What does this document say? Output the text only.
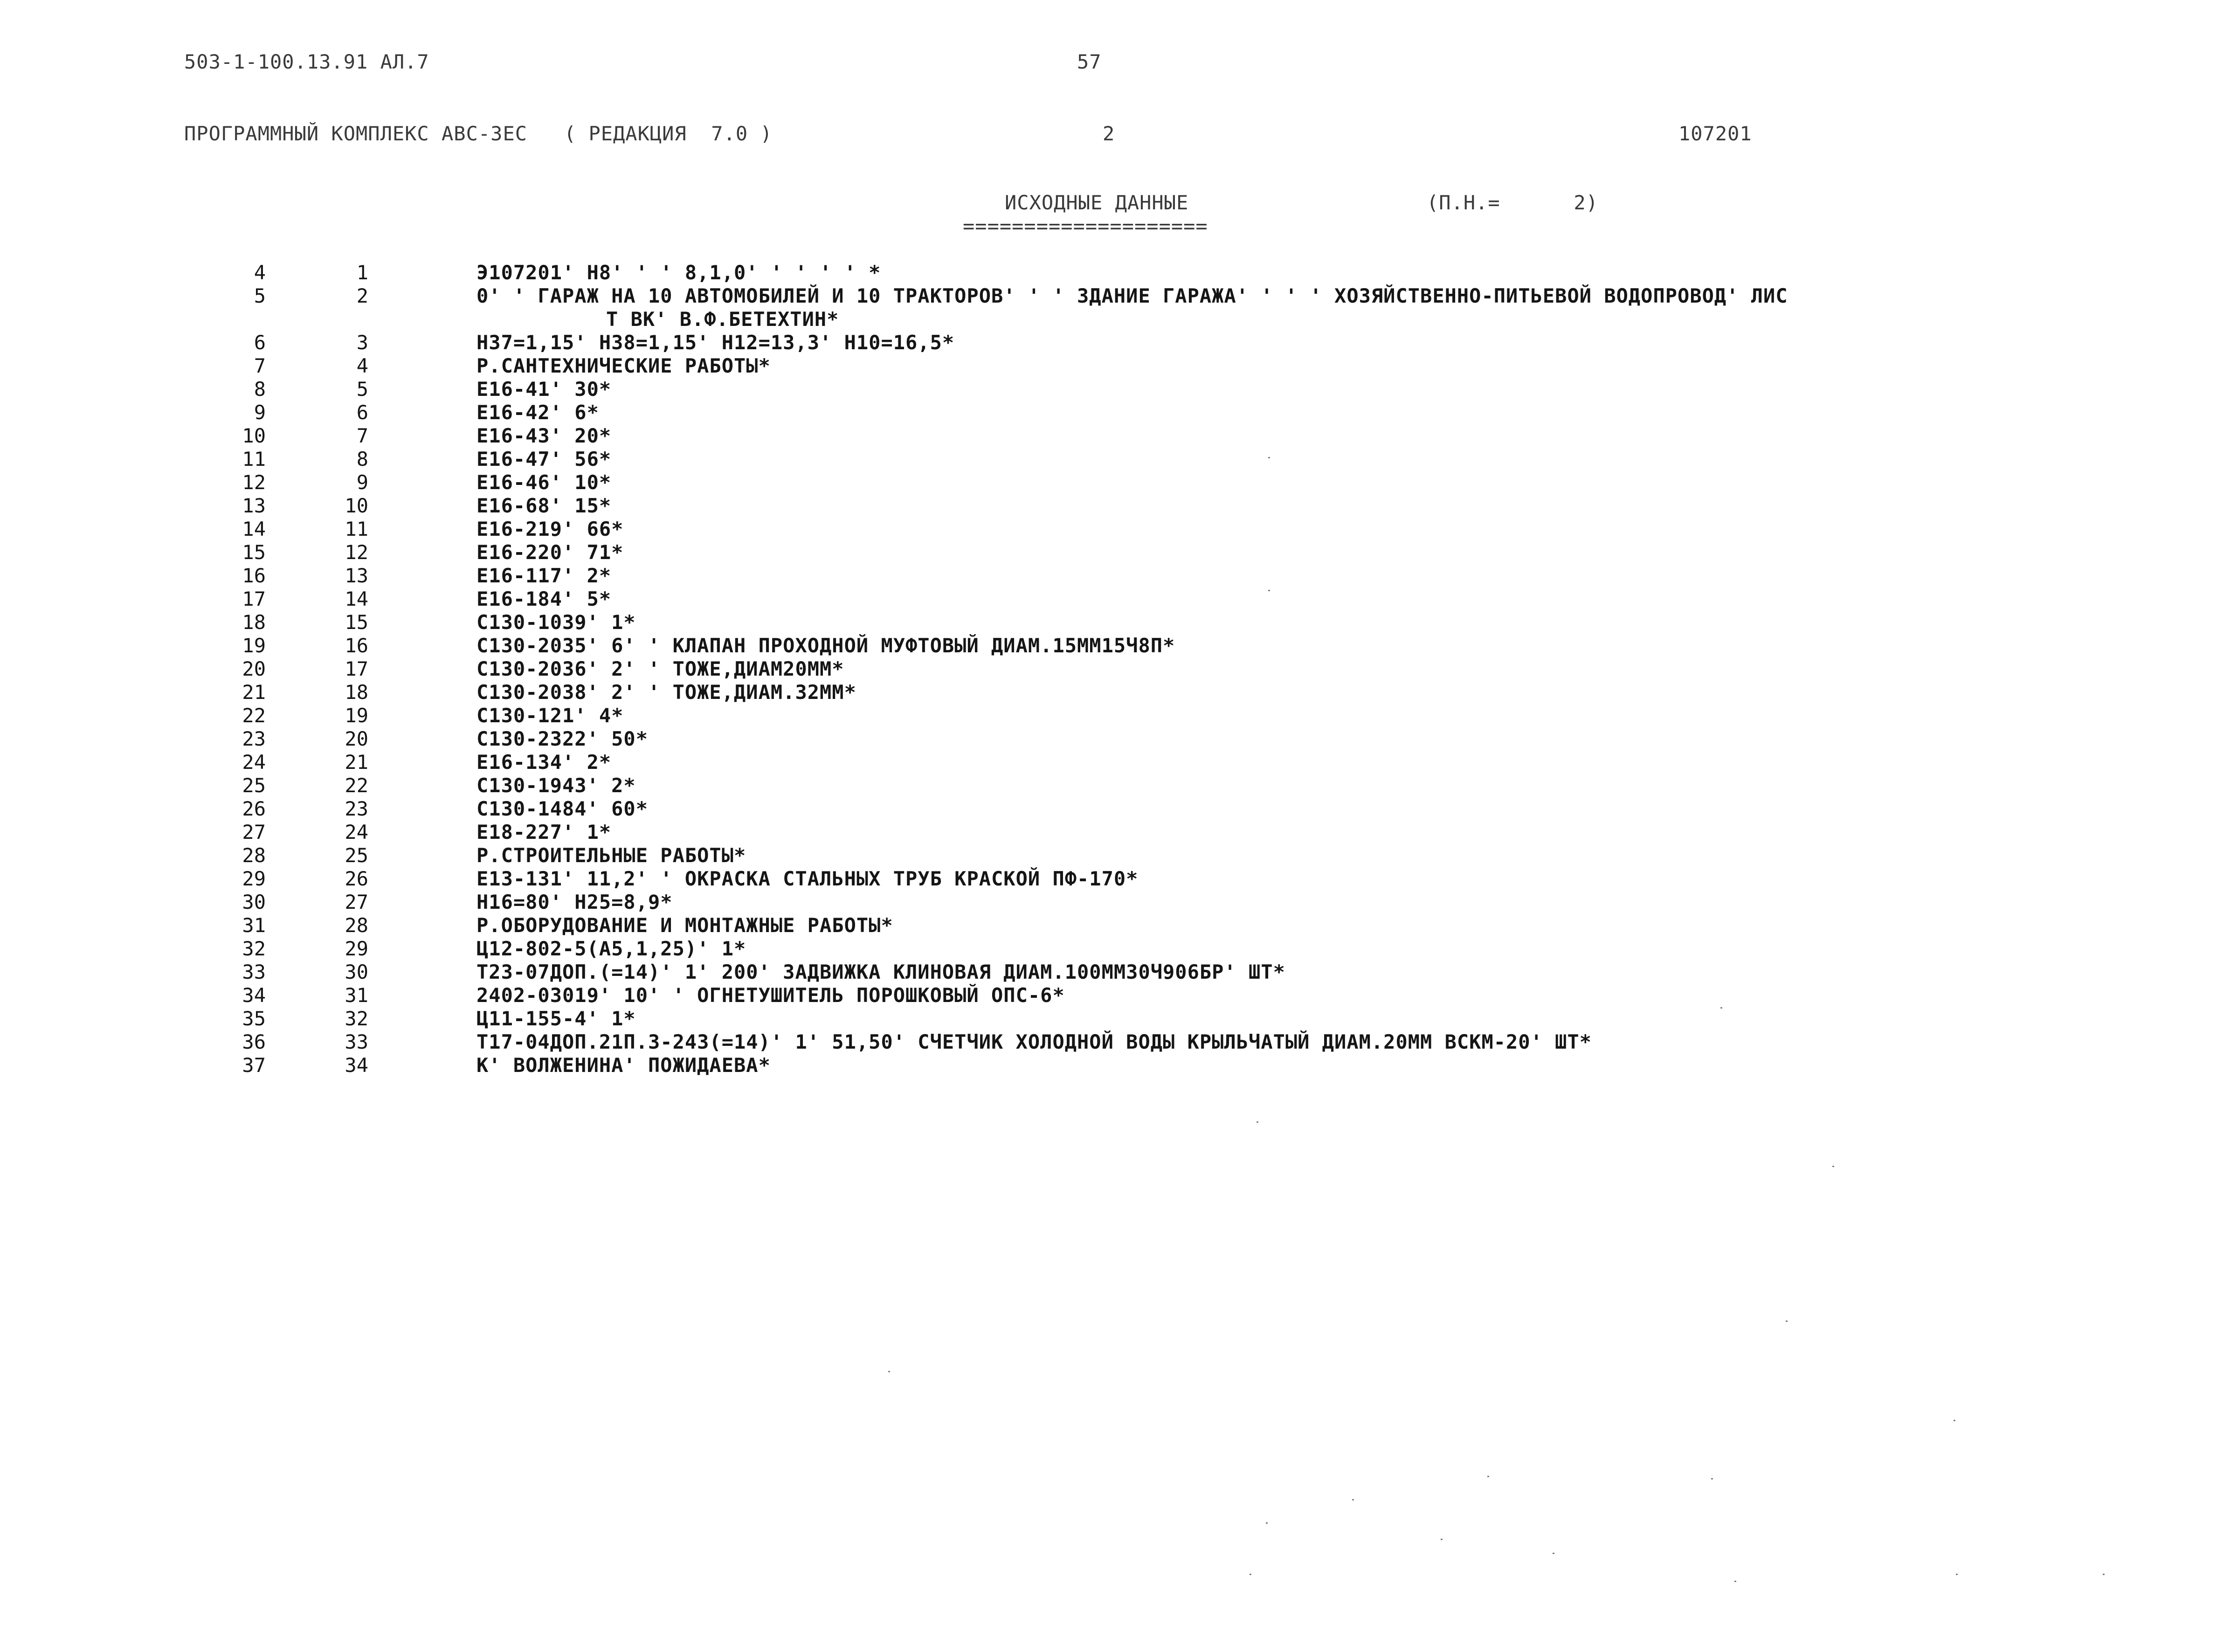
503-1-100.13.91 АЛ.7	57
ПРОГРАММНЫЙ КОМПЛЕКС АВС-3ЕС   ( РЕДАКЦИЯ  7.0 )	2	107201
ИСХОДНЫЕ ДАННЫЕ	(П.Н.=      2)
====================
4	1	Э107201' Н8' ' ' 8,1,0' ' ' ' ' *
5	2	0' ' ГАРАЖ НА 10 АВТОМОБИЛЕЙ И 10 ТРАКТОРОВ' ' ' ЗДАНИЕ ГАРАЖА' ' ' ' ХОЗЯЙСТВЕННО-ПИТЬЕВОЙ ВОДОПРОВОД' ЛИС
Т ВК' В.Ф.БЕТЕХТИН*
6	3	Н37=1,15' Н38=1,15' Н12=13,3' Н10=16,5*
7	4	Р.САНТЕХНИЧЕСКИЕ РАБОТЫ*
8	5	Е16-41' 30*
9	6	Е16-42' 6*
10	7	Е16-43' 20*
11	8	Е16-47' 56*
12	9	Е16-46' 10*
13	10	Е16-68' 15*
14	11	Е16-219' 66*
15	12	Е16-220' 71*
16	13	Е16-117' 2*
17	14	Е16-184' 5*
18	15	С130-1039' 1*
19	16	С130-2035' 6' ' КЛАПАН ПРОХОДНОЙ МУФТОВЫЙ ДИАМ.15ММ15Ч8П*
20	17	С130-2036' 2' ' ТОЖЕ,ДИАМ20ММ*
21	18	С130-2038' 2' ' ТОЖЕ,ДИАМ.32ММ*
22	19	С130-121' 4*
23	20	С130-2322' 50*
24	21	Е16-134' 2*
25	22	С130-1943' 2*
26	23	С130-1484' 60*
27	24	Е18-227' 1*
28	25	Р.СТРОИТЕЛЬНЫЕ РАБОТЫ*
29	26	Е13-131' 11,2' ' ОКРАСКА СТАЛЬНЫХ ТРУБ КРАСКОЙ ПФ-170*
30	27	Н16=80' Н25=8,9*
31	28	Р.ОБОРУДОВАНИЕ И МОНТАЖНЫЕ РАБОТЫ*
32	29	Ц12-802-5(А5,1,25)' 1*
33	30	Т23-07ДОП.(=14)' 1' 200' ЗАДВИЖКА КЛИНОВАЯ ДИАМ.100ММ30Ч906БР' ШТ*
34	31	2402-03019' 10' ' ОГНЕТУШИТЕЛЬ ПОРОШКОВЫЙ ОПС-6*
35	32	Ц11-155-4' 1*
36	33	Т17-04ДОП.21П.3-243(=14)' 1' 51,50' СЧЕТЧИК ХОЛОДНОЙ ВОДЫ КРЫЛЬЧАТЫЙ ДИАМ.20ММ ВСКМ-20' ШТ*
37	34	К' ВОЛЖЕНИНА' ПОЖИДАЕВА*
